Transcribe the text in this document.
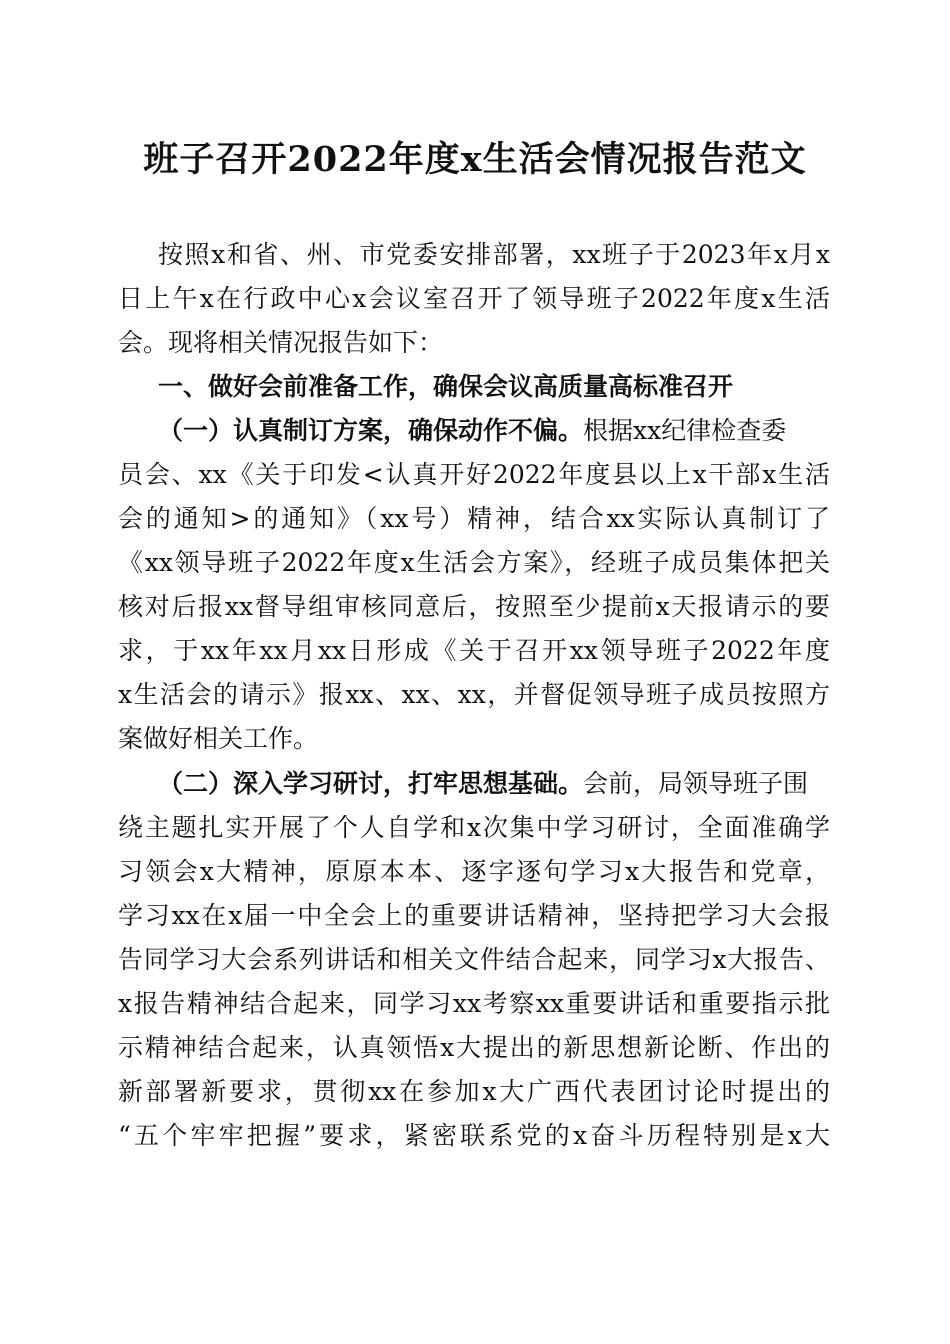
班子召开2022年度x生活会情况报告范文
按照x和省、州、市党委安排部署，xx班子于2023年x月x
日上午x在行政中心x会议室召开了领导班子2022年度x生活
会。现将相关情况报告如下：
一、做好会前准备工作，确保会议高质量高标准召开
（一）认真制订方案，确保动作不偏。根据xx纪律检查委
员会、xx《关于印发<认真开好2022年度县以上x干部x生活
会的通知>的通知》（xx号）精神，结合xx实际认真制订了
《xx领导班子2022年度x生活会方案》，经班子成员集体把关
核对后报xx督导组审核同意后，按照至少提前x天报请示的要
求，于xx年xx月xx日形成《关于召开xx领导班子2022年度
x生活会的请示》报xx、xx、xx，并督促领导班子成员按照方
案做好相关工作。
（二）深入学习研讨，打牢思想基础。会前，局领导班子围
绕主题扎实开展了个人自学和x次集中学习研讨，全面准确学
习领会x大精神，原原本本、逐字逐句学习x大报告和党章，
学习xx在x届一中全会上的重要讲话精神，坚持把学习大会报
告同学习大会系列讲话和相关文件结合起来，同学习x大报告、
x报告精神结合起来，同学习xx考察xx重要讲话和重要指示批
示精神结合起来，认真领悟x大提出的新思想新论断、作出的
新部署新要求，贯彻xx在参加x大广西代表团讨论时提出的
“五个牢牢把握”要求，紧密联系党的x奋斗历程特别是x大
